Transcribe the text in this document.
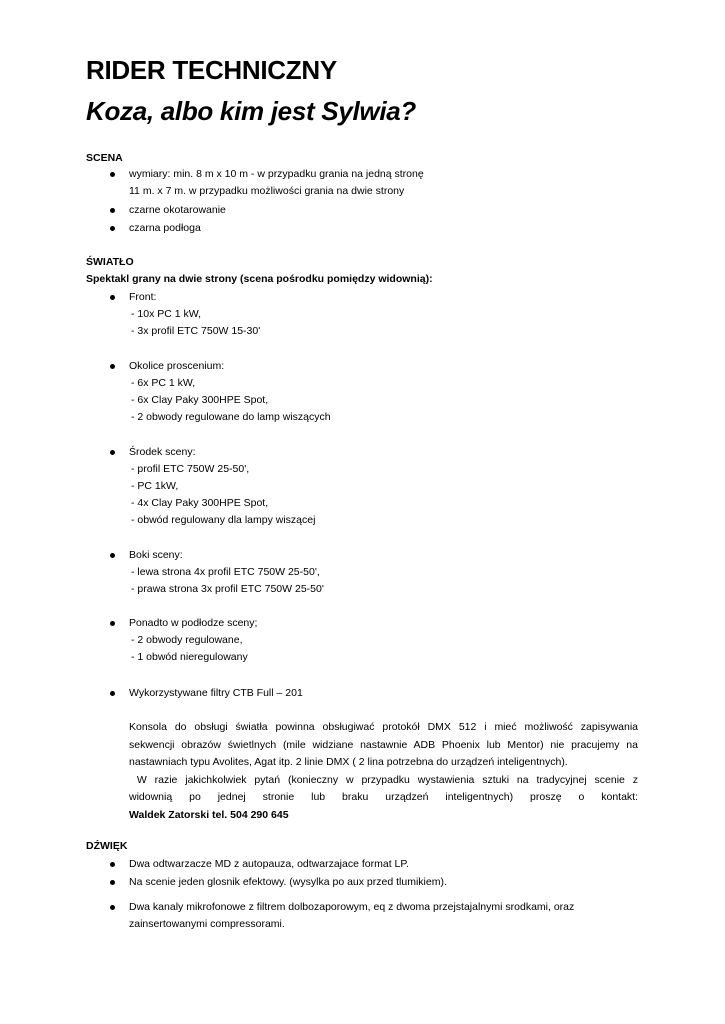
RIDER TECHNICZNY
Koza, albo kim jest Sylwia?
SCENA
wymiary: min. 8 m x 10 m - w przypadku grania na jedną stronę
11 m. x 7 m. w przypadku możliwości grania na dwie strony
czarne okotarowanie
czarna podłoga
ŚWIATŁO
Spektakl grany na dwie strony (scena pośrodku pomiędzy widownią):
Front:
- 10x PC 1 kW,
- 3x profil ETC 750W 15-30'
Okolice proscenium:
- 6x PC 1 kW,
- 6x Clay Paky 300HPE Spot,
- 2 obwody regulowane do lamp wiszących
Środek sceny:
- profil ETC 750W 25-50',
- PC 1kW,
- 4x Clay Paky 300HPE Spot,
- obwód regulowany dla lampy wiszącej
Boki sceny:
- lewa strona 4x profil ETC 750W 25-50',
- prawa strona 3x profil ETC 750W 25-50'
Ponadto w podłodze sceny;
- 2 obwody regulowane,
- 1 obwód nieregulowany
Wykorzystywane filtry CTB Full – 201
Konsola do obsługi światła powinna obsługiwać protokół DMX 512 i mieć możliwość zapisywania
sekwencji obrazów świetlnych (mile widziane nastawnie ADB Phoenix lub Mentor) nie pracujemy na
nastawniach typu Avolites, Agat itp. 2 linie DMX ( 2 lina potrzebna do urządzeń inteligentnych).
W razie jakichkolwiek pytań (konieczny w przypadku wystawienia sztuki na tradycyjnej scenie z
widownią po jednej stronie lub braku urządzeń inteligentnych) proszę o kontakt:
Waldek Zatorski tel. 504 290 645
DŹWIĘK
Dwa odtwarzacze MD z autopauza, odtwarzajace format LP.
Na scenie jeden glosnik efektowy. (wysylka po aux przed tlumikiem).
Dwa kanaly mikrofonowe z filtrem dolbozaporowym, eq z dwoma przejstajalnymi srodkami, oraz
zainsertowanymi compressorami.
